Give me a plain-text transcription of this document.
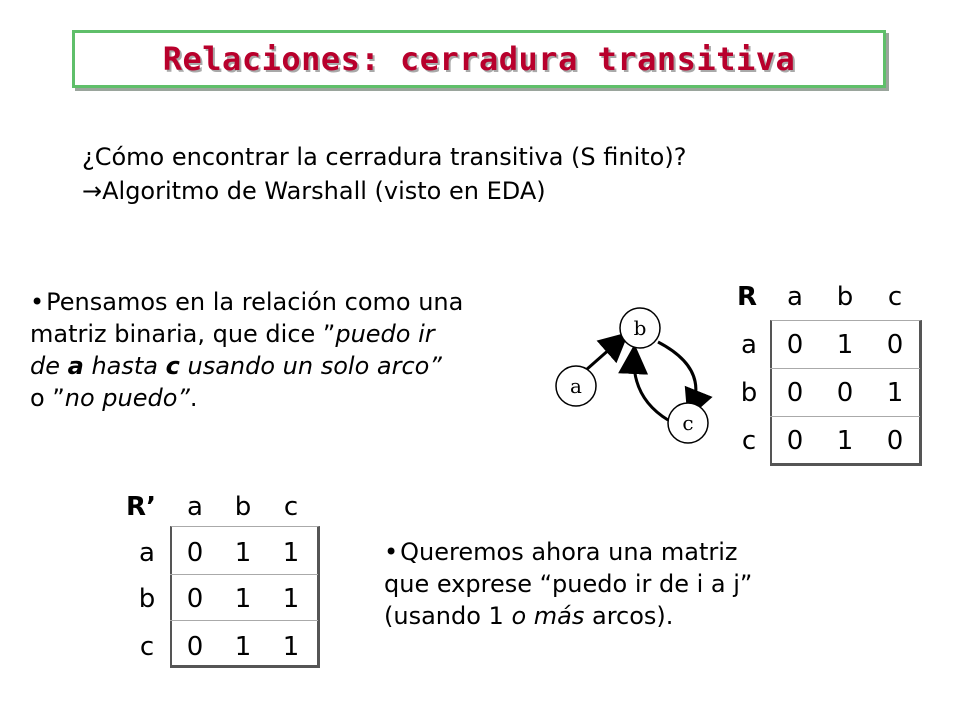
Relaciones: cerradura transitiva
¿Cómo encontrar la cerradura transitiva (S finito)?
→Algoritmo de Warshall (visto en EDA)
•Pensamos en la relación como una
matriz binaria, que dice ”puedo ir
de a hasta c usando un solo arco”
o ”no puedo”.	a
b
c
R a b	c
a 0 1 0
b 0 0 1
c	0 1 0
R’ a b	c
a 0 1 1
b 0 1 1
c	0 1 1
•Queremos ahora una matriz
que exprese “puedo ir de i a j”
(usando 1 o más arcos).
